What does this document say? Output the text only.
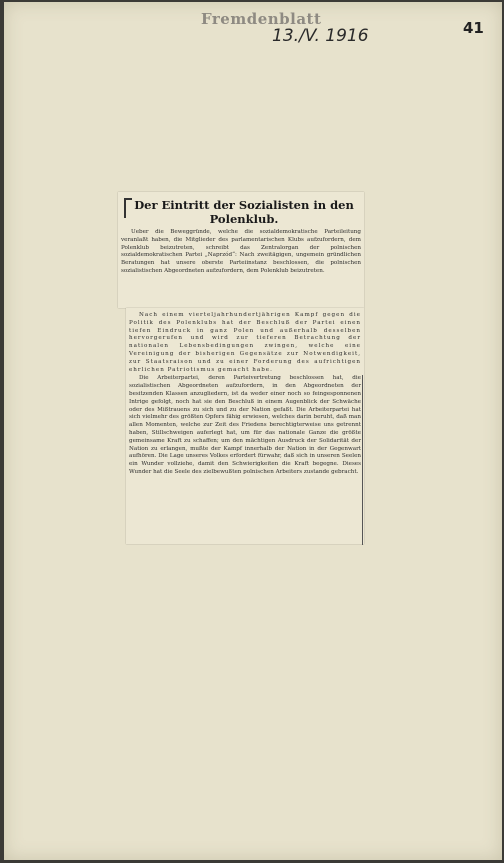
Fremdenblatt
13./V. 1916	41
Der Eintritt der Sozialisten in den Polenklub.
Ueber die Beweggründe, welche die sozialdemokratische Parteileitung veranlaßt haben, die Mitglieder des parlamentarischen Klubs aufzufordern, dem Polenklub beizutreten, schreibt das Zentralorgan der polnischen sozialdemokratischen Partei „Naprzód“: Nach zweitägigen, ungemein gründlichen Beratungen hat unsere oberste Parteiinstanz beschlossen, die polnischen sozialistischen Abgeordneten aufzufordern, dem Polenklub beizutreten.

Nach einem vierteljahrhundertjährigen Kampf gegen die Politik des Polenklubs hat der Beschluß der Partei einen tiefen Eindruck in ganz Polen und außerhalb desselben hervorgerufen und wird zur tieferen Betrachtung der nationalen Lebensbedingungen zwingen, welche eine Vereinigung der bisherigen Gegensätze zur Notwendigkeit, zur Staatsraison und zu einer Forderung des aufrichtigen ehrlichen Patriotismus gemacht habe.

Die Arbeiterpartei, deren Parteivertretung beschlossen hat, die sozialistischen Abgeordneten aufzufordern, in den Abgeordneten der besitzenden Klassen anzugliedern, ist da weder einer noch so feingesponnenen Intrige gefolgt, noch hat sie den Beschluß in einem Augenblick der Schwäche oder des Mißtrauens zu sich und zu der Nation gefaßt. Die Arbeiterpartei hat sich vielmehr des größten Opfers fähig erwiesen, welches darin beruht, daß man allen Momenten, welche zur Zeit des Friedens berechtigterweise uns getrennt haben, Stillschweigen auferlegt hat, um für das nationale Ganze die größte gemeinsame Kraft zu schaffen; um den mächtigen Ausdruck der Solidarität der Nation zu erlangen, mußte der Kampf innerhalb der Nation in der Gegenwart aufhören. Die Lage unseres Volkes erfordert fürwahr, daß sich in unseren Seelen ein Wunder vollziehe, damit den Schwierigkeiten die Kraft begegne. Dieses Wunder hat die Seele des zielbewußten polnischen Arbeiters zustande gebracht.
